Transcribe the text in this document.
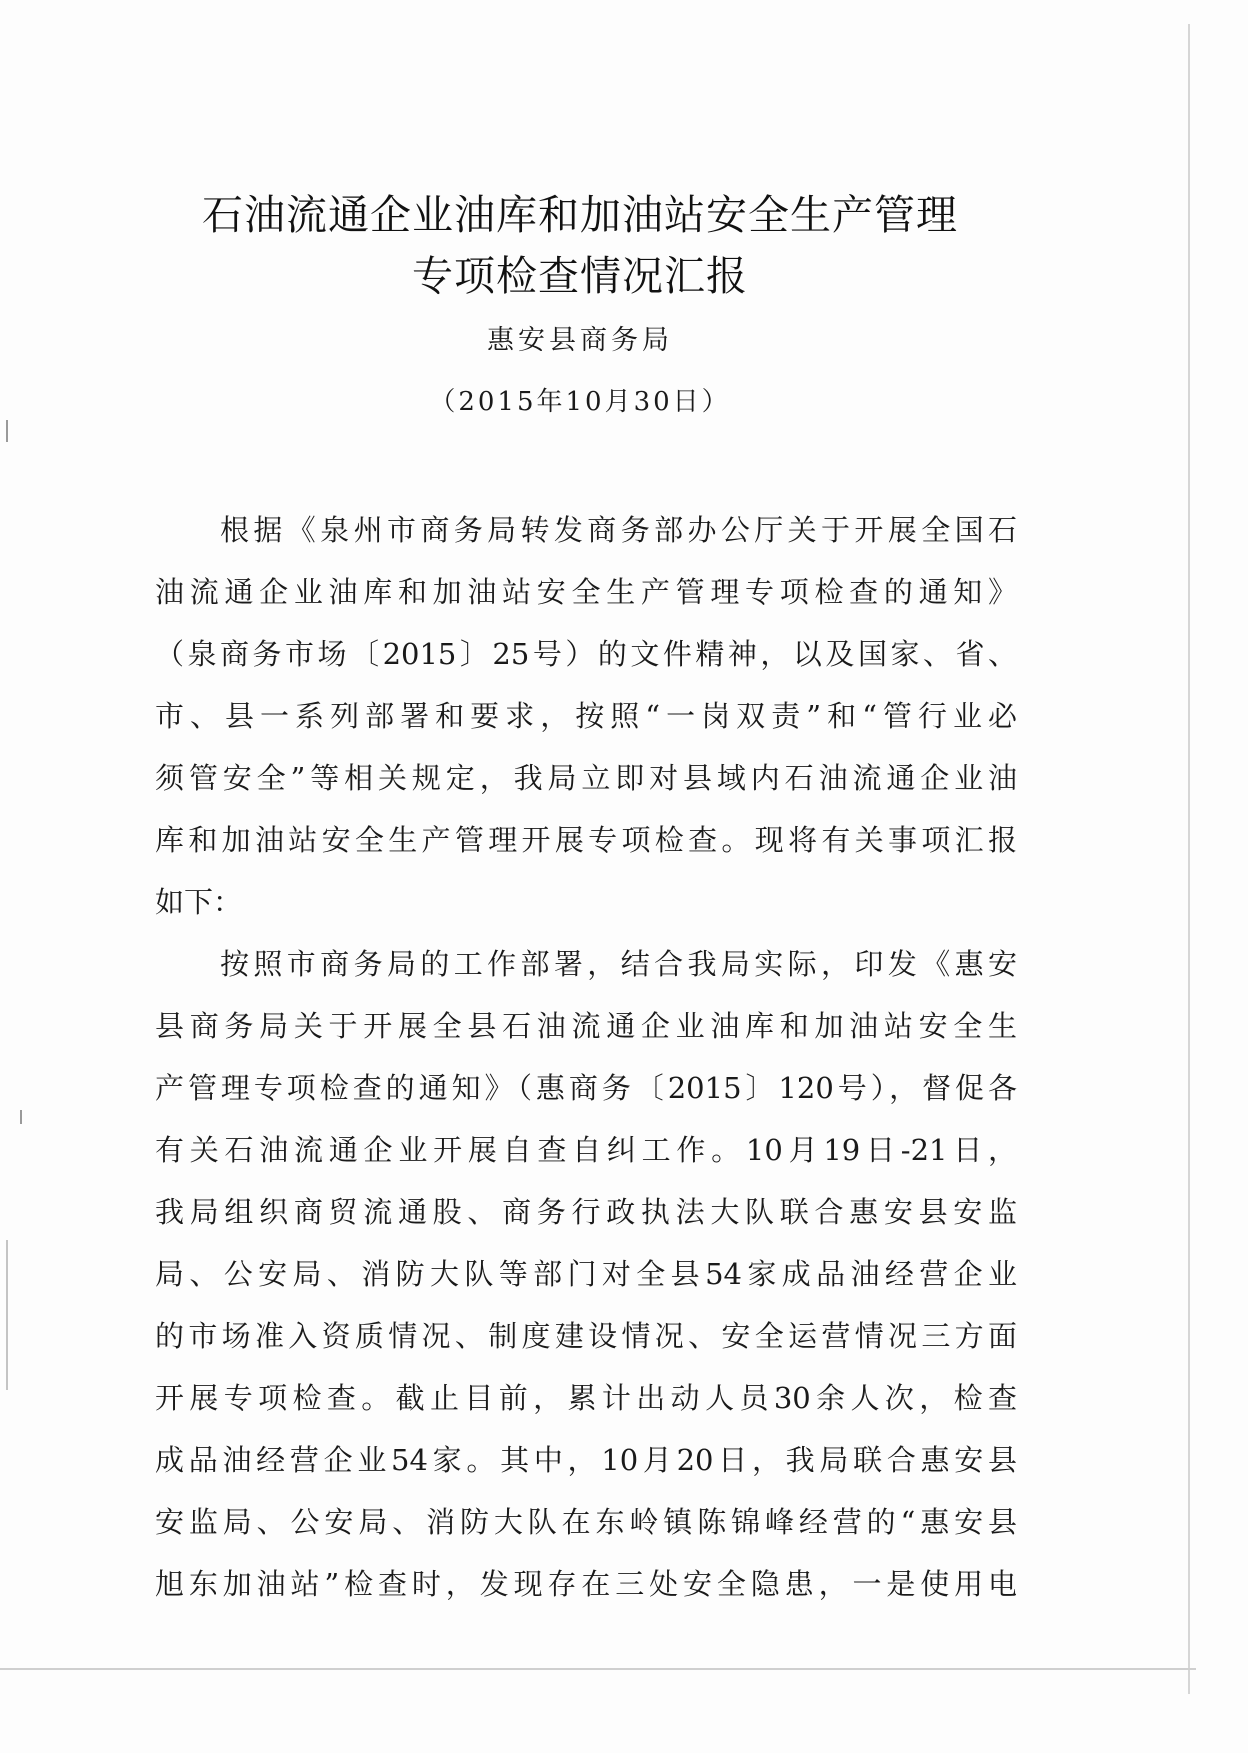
石油流通企业油库和加油站安全生产管理
专项检查情况汇报
惠安县商务局
（2015年10月30日）
根据《泉州市商务局转发商务部办公厅关于开展全国石
油流通企业油库和加油站安全生产管理专项检查的通知》
（泉商务市场〔2015〕25号）的文件精神，以及国家、省、
市、县一系列部署和要求，按照“一岗双责”和“管行业必
须管安全”等相关规定，我局立即对县域内石油流通企业油
库和加油站安全生产管理开展专项检查。现将有关事项汇报
如下：
按照市商务局的工作部署，结合我局实际，印发《惠安
县商务局关于开展全县石油流通企业油库和加油站安全生
产管理专项检查的通知》（惠商务〔2015〕120号），督促各
有关石油流通企业开展自查自纠工作。10月19日-21日，
我局组织商贸流通股、商务行政执法大队联合惠安县安监
局、公安局、消防大队等部门对全县54家成品油经营企业
的市场准入资质情况、制度建设情况、安全运营情况三方面
开展专项检查。截止目前，累计出动人员30余人次，检查
成品油经营企业54家。其中，10月20日，我局联合惠安县
安监局、公安局、消防大队在东岭镇陈锦峰经营的“惠安县
旭东加油站”检查时，发现存在三处安全隐患，一是使用电
